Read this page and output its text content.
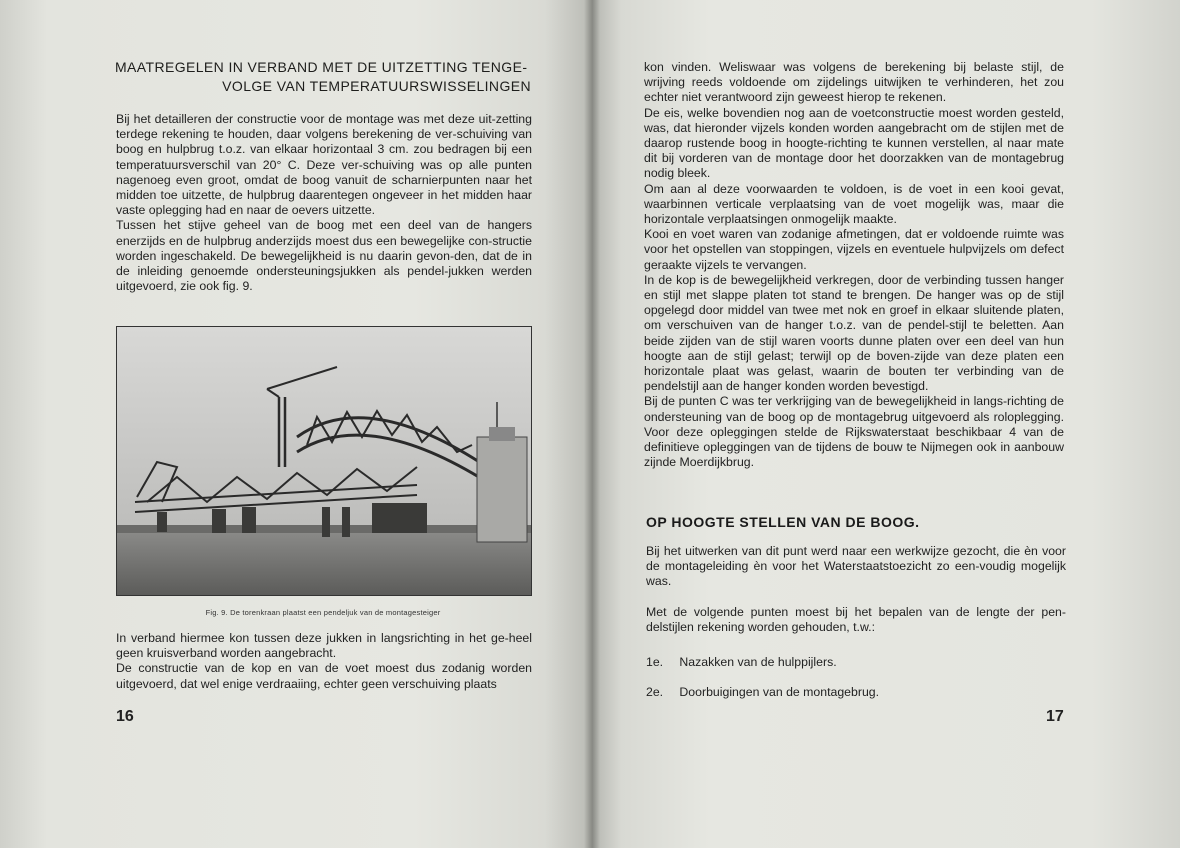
MAATREGELEN IN VERBAND MET DE UITZETTING TENGE-
VOLGE VAN TEMPERATUURSWISSELINGEN

Bij het detailleren der constructie voor de montage was met deze uit-zetting terdege rekening te houden, daar volgens berekening de ver-schuiving van boog en hulpbrug t.o.z. van elkaar horizontaal 3 cm. zou bedragen bij een temperatuursverschil van 20° C. Deze ver-schuiving was op alle punten nagenoeg even groot, omdat de boog vanuit de scharnierpunten naar het midden toe uitzette, de hulpbrug daarentegen ongeveer in het midden haar vaste oplegging had en naar de oevers uitzette.

Tussen het stijve geheel van de boog met een deel van de hangers enerzijds en de hulpbrug anderzijds moest dus een bewegelijke con-structie worden ingeschakeld. De bewegelijkheid is nu daarin gevon-den, dat de in de inleiding genoemde ondersteuningsjukken als pendel-jukken werden uitgevoerd, zie ook fig. 9.

Fig. 9. De torenkraan plaatst een pendeljuk van de montagesteiger

In verband hiermee kon tussen deze jukken in langsrichting in het ge-heel geen kruisverband worden aangebracht.

De constructie van de kop en van de voet moest dus zodanig worden uitgevoerd, dat wel enige verdraaiing, echter geen verschuiving plaats

16

kon vinden. Weliswaar was volgens de berekening bij belaste stijl, de wrijving reeds voldoende om zijdelings uitwijken te verhinderen, het zou echter niet verantwoord zijn geweest hierop te rekenen.

De eis, welke bovendien nog aan de voetconstructie moest worden gesteld, was, dat hieronder vijzels konden worden aangebracht om de stijlen met de daarop rustende boog in hoogte-richting te kunnen verstellen, al naar mate dit bij vorderen van de montage door het doorzakken van de montagebrug nodig bleek.

Om aan al deze voorwaarden te voldoen, is de voet in een kooi gevat, waarbinnen verticale verplaatsing van de voet mogelijk was, maar die horizontale verplaatsingen onmogelijk maakte.

Kooi en voet waren van zodanige afmetingen, dat er voldoende ruimte was voor het opstellen van stoppingen, vijzels en eventuele hulpvijzels om defect geraakte vijzels te vervangen.

In de kop is de bewegelijkheid verkregen, door de verbinding tussen hanger en stijl met slappe platen tot stand te brengen. De hanger was op de stijl opgelegd door middel van twee met nok en groef in elkaar sluitende platen, om verschuiven van de hanger t.o.z. van de pendel-stijl te beletten. Aan beide zijden van de stijl waren voorts dunne platen over een deel van hun hoogte aan de stijl gelast; terwijl op de boven-zijde van deze platen een horizontale plaat was gelast, waarin de bouten ter verbinding van de pendelstijl aan de hanger konden worden bevestigd.

Bij de punten C was ter verkrijging van de bewegelijkheid in langs-richting de ondersteuning van de boog op de montagebrug uitgevoerd als roloplegging. Voor deze opleggingen stelde de Rijkswaterstaat beschikbaar 4 van de definitieve opleggingen van de tijdens de bouw te Nijmegen ook in aanbouw zijnde Moerdijkbrug.

OP HOOGTE STELLEN VAN DE BOOG.

Bij het uitwerken van dit punt werd naar een werkwijze gezocht, die èn voor de montageleiding èn voor het Waterstaatstoezicht zo een-voudig mogelijk was.

Met de volgende punten moest bij het bepalen van de lengte der pen-delstijlen rekening worden gehouden, t.w.:

1e. Nazakken van de hulppijlers.
2e. Doorbuigingen van de montagebrug.
17
